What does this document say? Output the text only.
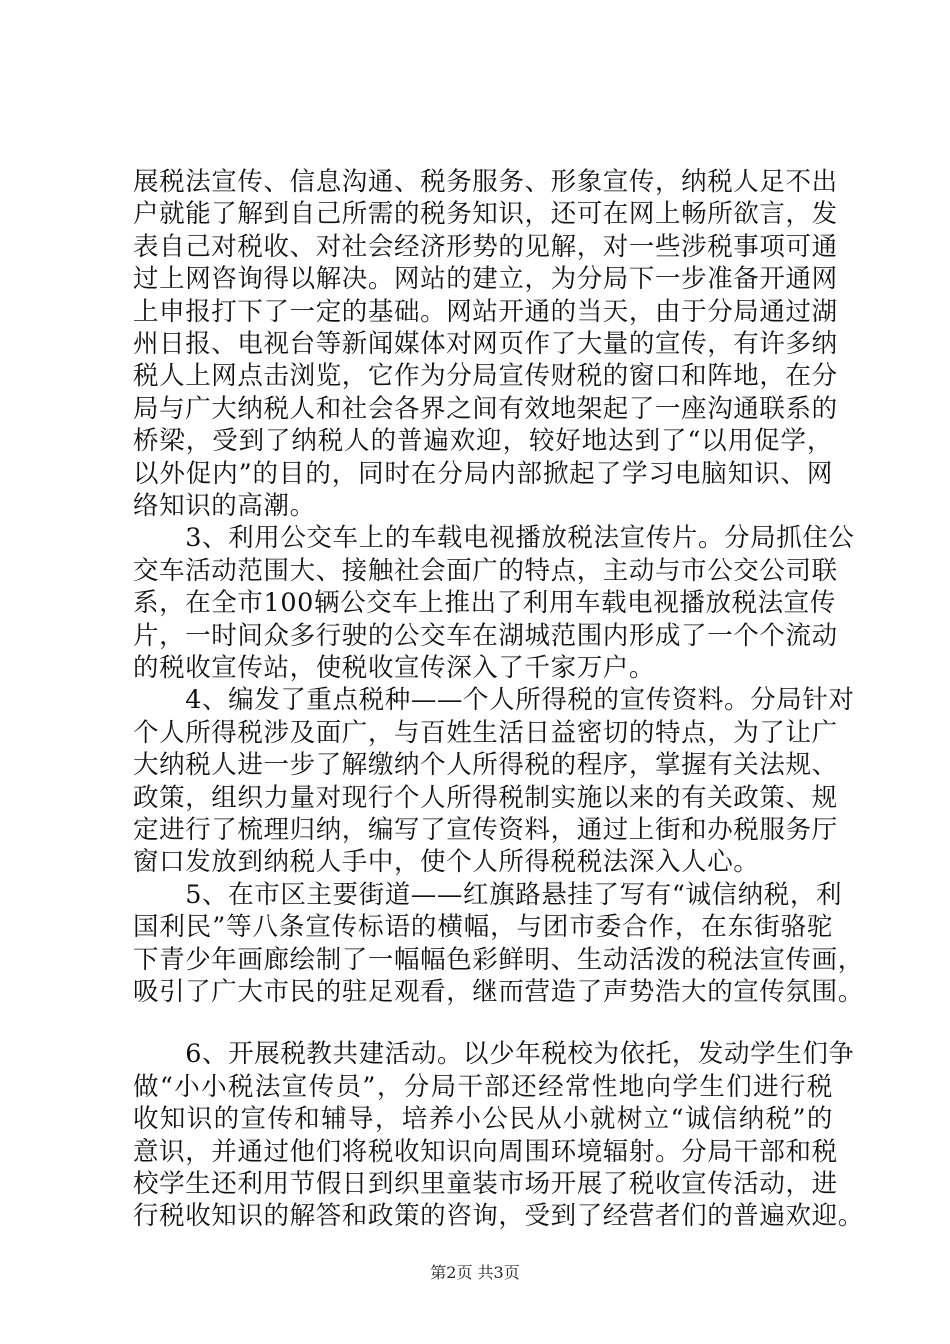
展税法宣传、信息沟通、税务服务、形象宣传，纳税人足不出
户就能了解到自己所需的税务知识，还可在网上畅所欲言，发
表自己对税收、对社会经济形势的见解，对一些涉税事项可通
过上网咨询得以解决。网站的建立，为分局下一步准备开通网
上申报打下了一定的基础。网站开通的当天，由于分局通过湖
州日报、电视台等新闻媒体对网页作了大量的宣传，有许多纳
税人上网点击浏览，它作为分局宣传财税的窗口和阵地，在分
局与广大纳税人和社会各界之间有效地架起了一座沟通联系的
桥梁，受到了纳税人的普遍欢迎，较好地达到了“以用促学，
以外促内”的目的，同时在分局内部掀起了学习电脑知识、网
络知识的高潮。
　　3、利用公交车上的车载电视播放税法宣传片。分局抓住公
交车活动范围大、接触社会面广的特点，主动与市公交公司联
系，在全市100辆公交车上推出了利用车载电视播放税法宣传
片，一时间众多行驶的公交车在湖城范围内形成了一个个流动
的税收宣传站，使税收宣传深入了千家万户。
　　4、编发了重点税种——个人所得税的宣传资料。分局针对
个人所得税涉及面广，与百姓生活日益密切的特点，为了让广
大纳税人进一步了解缴纳个人所得税的程序，掌握有关法规、
政策，组织力量对现行个人所得税制实施以来的有关政策、规
定进行了梳理归纳，编写了宣传资料，通过上街和办税服务厅
窗口发放到纳税人手中，使个人所得税税法深入人心。
　　5、在市区主要街道——红旗路悬挂了写有“诚信纳税，利
国利民”等八条宣传标语的横幅，与团市委合作，在东街骆驼
下青少年画廊绘制了一幅幅色彩鲜明、生动活泼的税法宣传画，
吸引了广大市民的驻足观看，继而营造了声势浩大的宣传氛围。
　　6、开展税教共建活动。以少年税校为依托，发动学生们争
做“小小税法宣传员”，分局干部还经常性地向学生们进行税
收知识的宣传和辅导，培养小公民从小就树立“诚信纳税”的
意识，并通过他们将税收知识向周围环境辐射。分局干部和税
校学生还利用节假日到织里童装市场开展了税收宣传活动，进
行税收知识的解答和政策的咨询，受到了经营者们的普遍欢迎。
第2页 共3页
